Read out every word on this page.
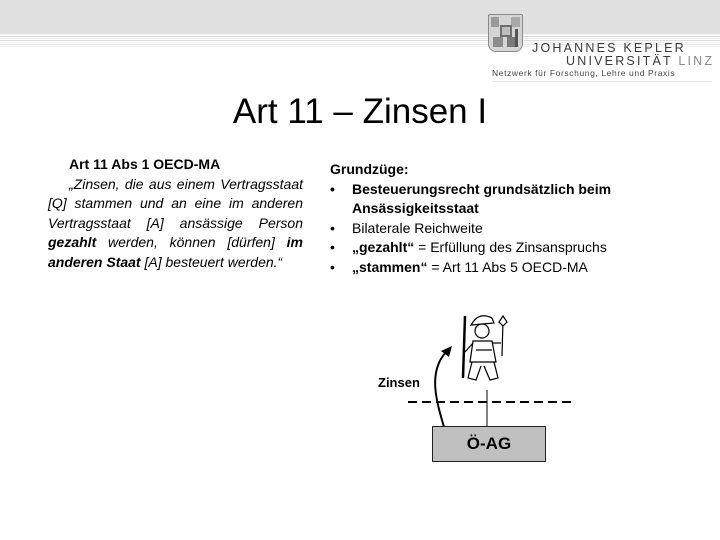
JOHANNES KEPLER
UNIVERSITÄT LINZ
Netzwerk für Forschung, Lehre und Praxis
Art 11 – Zinsen I
Art 11 Abs 1 OECD-MA
„Zinsen, die aus einem Vertragsstaat [Q] stammen und an eine im anderen Vertragsstaat [A] ansässige Person gezahlt werden, können [dürfen] im anderen Staat [A] besteuert werden.“
Grundzüge:
• Besteuerungsrecht grundsätzlich beim Ansässigkeitsstaat
• Bilaterale Reichweite
• „gezahlt“ = Erfüllung des Zinsanspruchs
• „stammen“ = Art 11 Abs 5 OECD-MA
Zinsen
Ö-AG
